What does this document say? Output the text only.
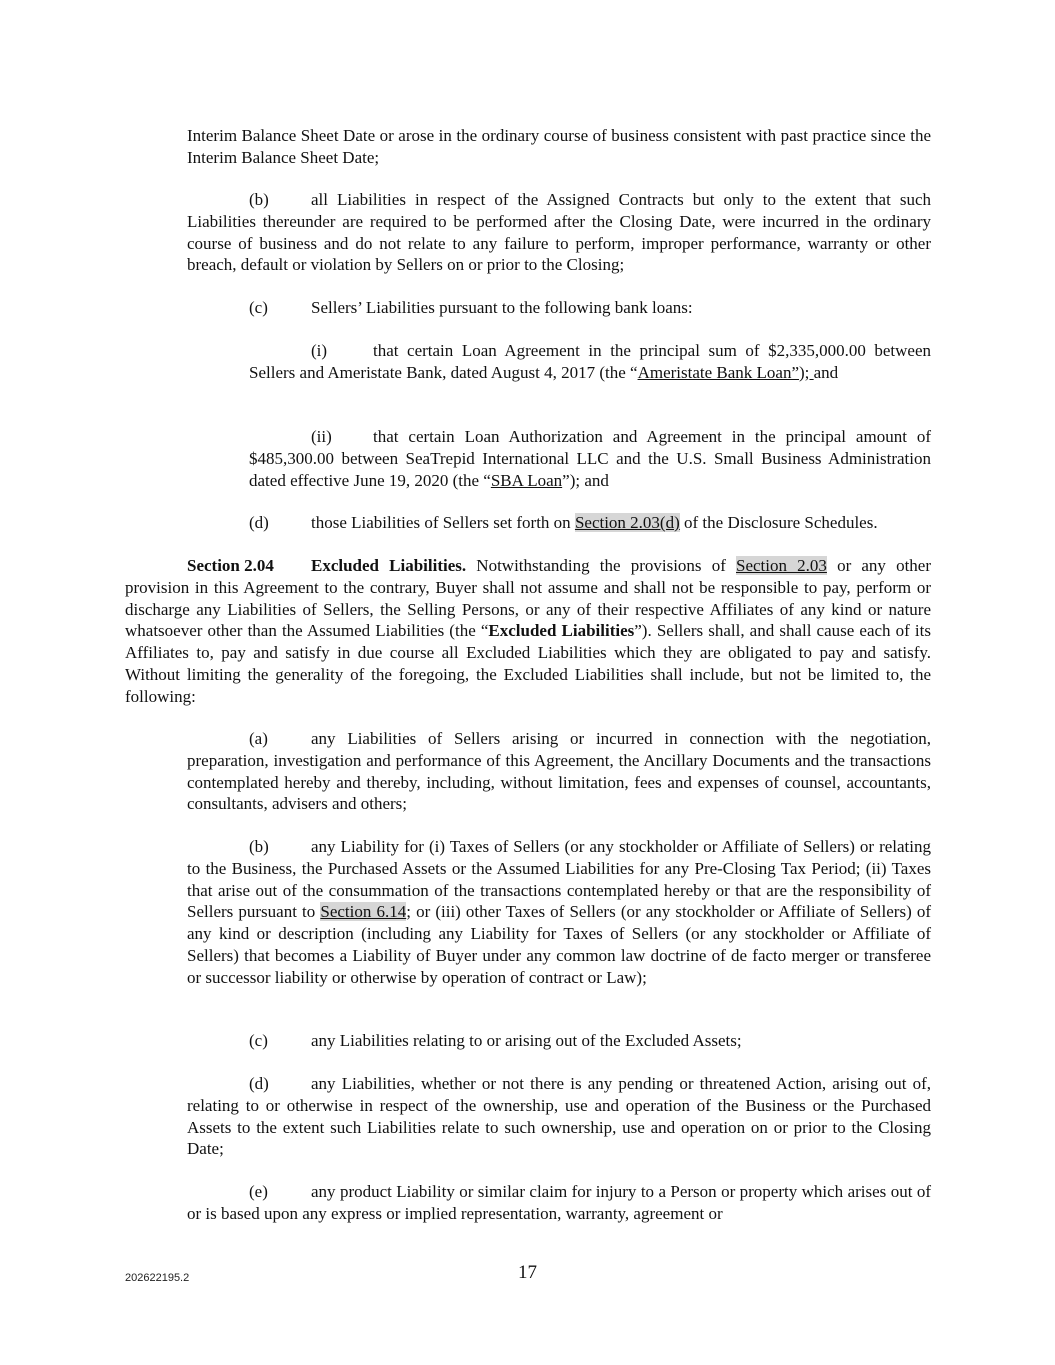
Interim Balance Sheet Date or arose in the ordinary course of business consistent with past practice since the Interim Balance Sheet Date;

(b) all Liabilities in respect of the Assigned Contracts but only to the extent that such Liabilities thereunder are required to be performed after the Closing Date, were incurred in the ordinary course of business and do not relate to any failure to perform, improper performance, warranty or other breach, default or violation by Sellers on or prior to the Closing;

(c)	Sellers’ Liabilities pursuant to the following bank loans:

(i)	that certain Loan Agreement in the principal sum of $2,335,000.00 between Sellers and Ameristate Bank, dated August 4, 2017 (the “Ameristate Bank Loan”); and

(ii) that certain Loan Authorization and Agreement in the principal amount of $485,300.00 between SeaTrepid International LLC and the U.S. Small Business Administration dated effective June 19, 2020 (the “SBA Loan”); and

(d) those Liabilities of Sellers set forth on Section 2.03(d) of the Disclosure Schedules.

Section 2.04 Excluded Liabilities. Notwithstanding the provisions of Section 2.03 or any other provision in this Agreement to the contrary, Buyer shall not assume and shall not be responsible to pay, perform or discharge any Liabilities of Sellers, the Selling Persons, or any of their respective Affiliates of any kind or nature whatsoever other than the Assumed Liabilities (the “Excluded Liabilities”). Sellers shall, and shall cause each of its Affiliates to, pay and satisfy in due course all Excluded Liabilities which they are obligated to pay and satisfy. Without limiting the generality of the foregoing, the Excluded Liabilities shall include, but not be limited to, the following:

(a)	any Liabilities of Sellers arising or incurred in connection with the negotiation, preparation, investigation and performance of this Agreement, the Ancillary Documents and the transactions contemplated hereby and thereby, including, without limitation, fees and expenses of counsel, accountants, consultants, advisers and others;

(b) any Liability for (i) Taxes of Sellers (or any stockholder or Affiliate of Sellers) or relating to the Business, the Purchased Assets or the Assumed Liabilities for any Pre-Closing Tax Period; (ii) Taxes that arise out of the consummation of the transactions contemplated hereby or that are the responsibility of Sellers pursuant to Section 6.14; or (iii) other Taxes of Sellers (or any stockholder or Affiliate of Sellers) of any kind or description (including any Liability for Taxes of Sellers (or any stockholder or Affiliate of Sellers) that becomes a Liability of Buyer under any common law doctrine of de facto merger or transferee or successor liability or otherwise by operation of contract or Law);

(c)	any Liabilities relating to or arising out of the Excluded Assets;

(d) any Liabilities, whether or not there is any pending or threatened Action, arising out of, relating to or otherwise in respect of the ownership, use and operation of the Business or the Purchased Assets to the extent such Liabilities relate to such ownership, use and operation on or prior to the Closing Date;

(e)	any product Liability or similar claim for injury to a Person or property which arises out of or is based upon any express or implied representation, warranty, agreement or

202622195.2	17
